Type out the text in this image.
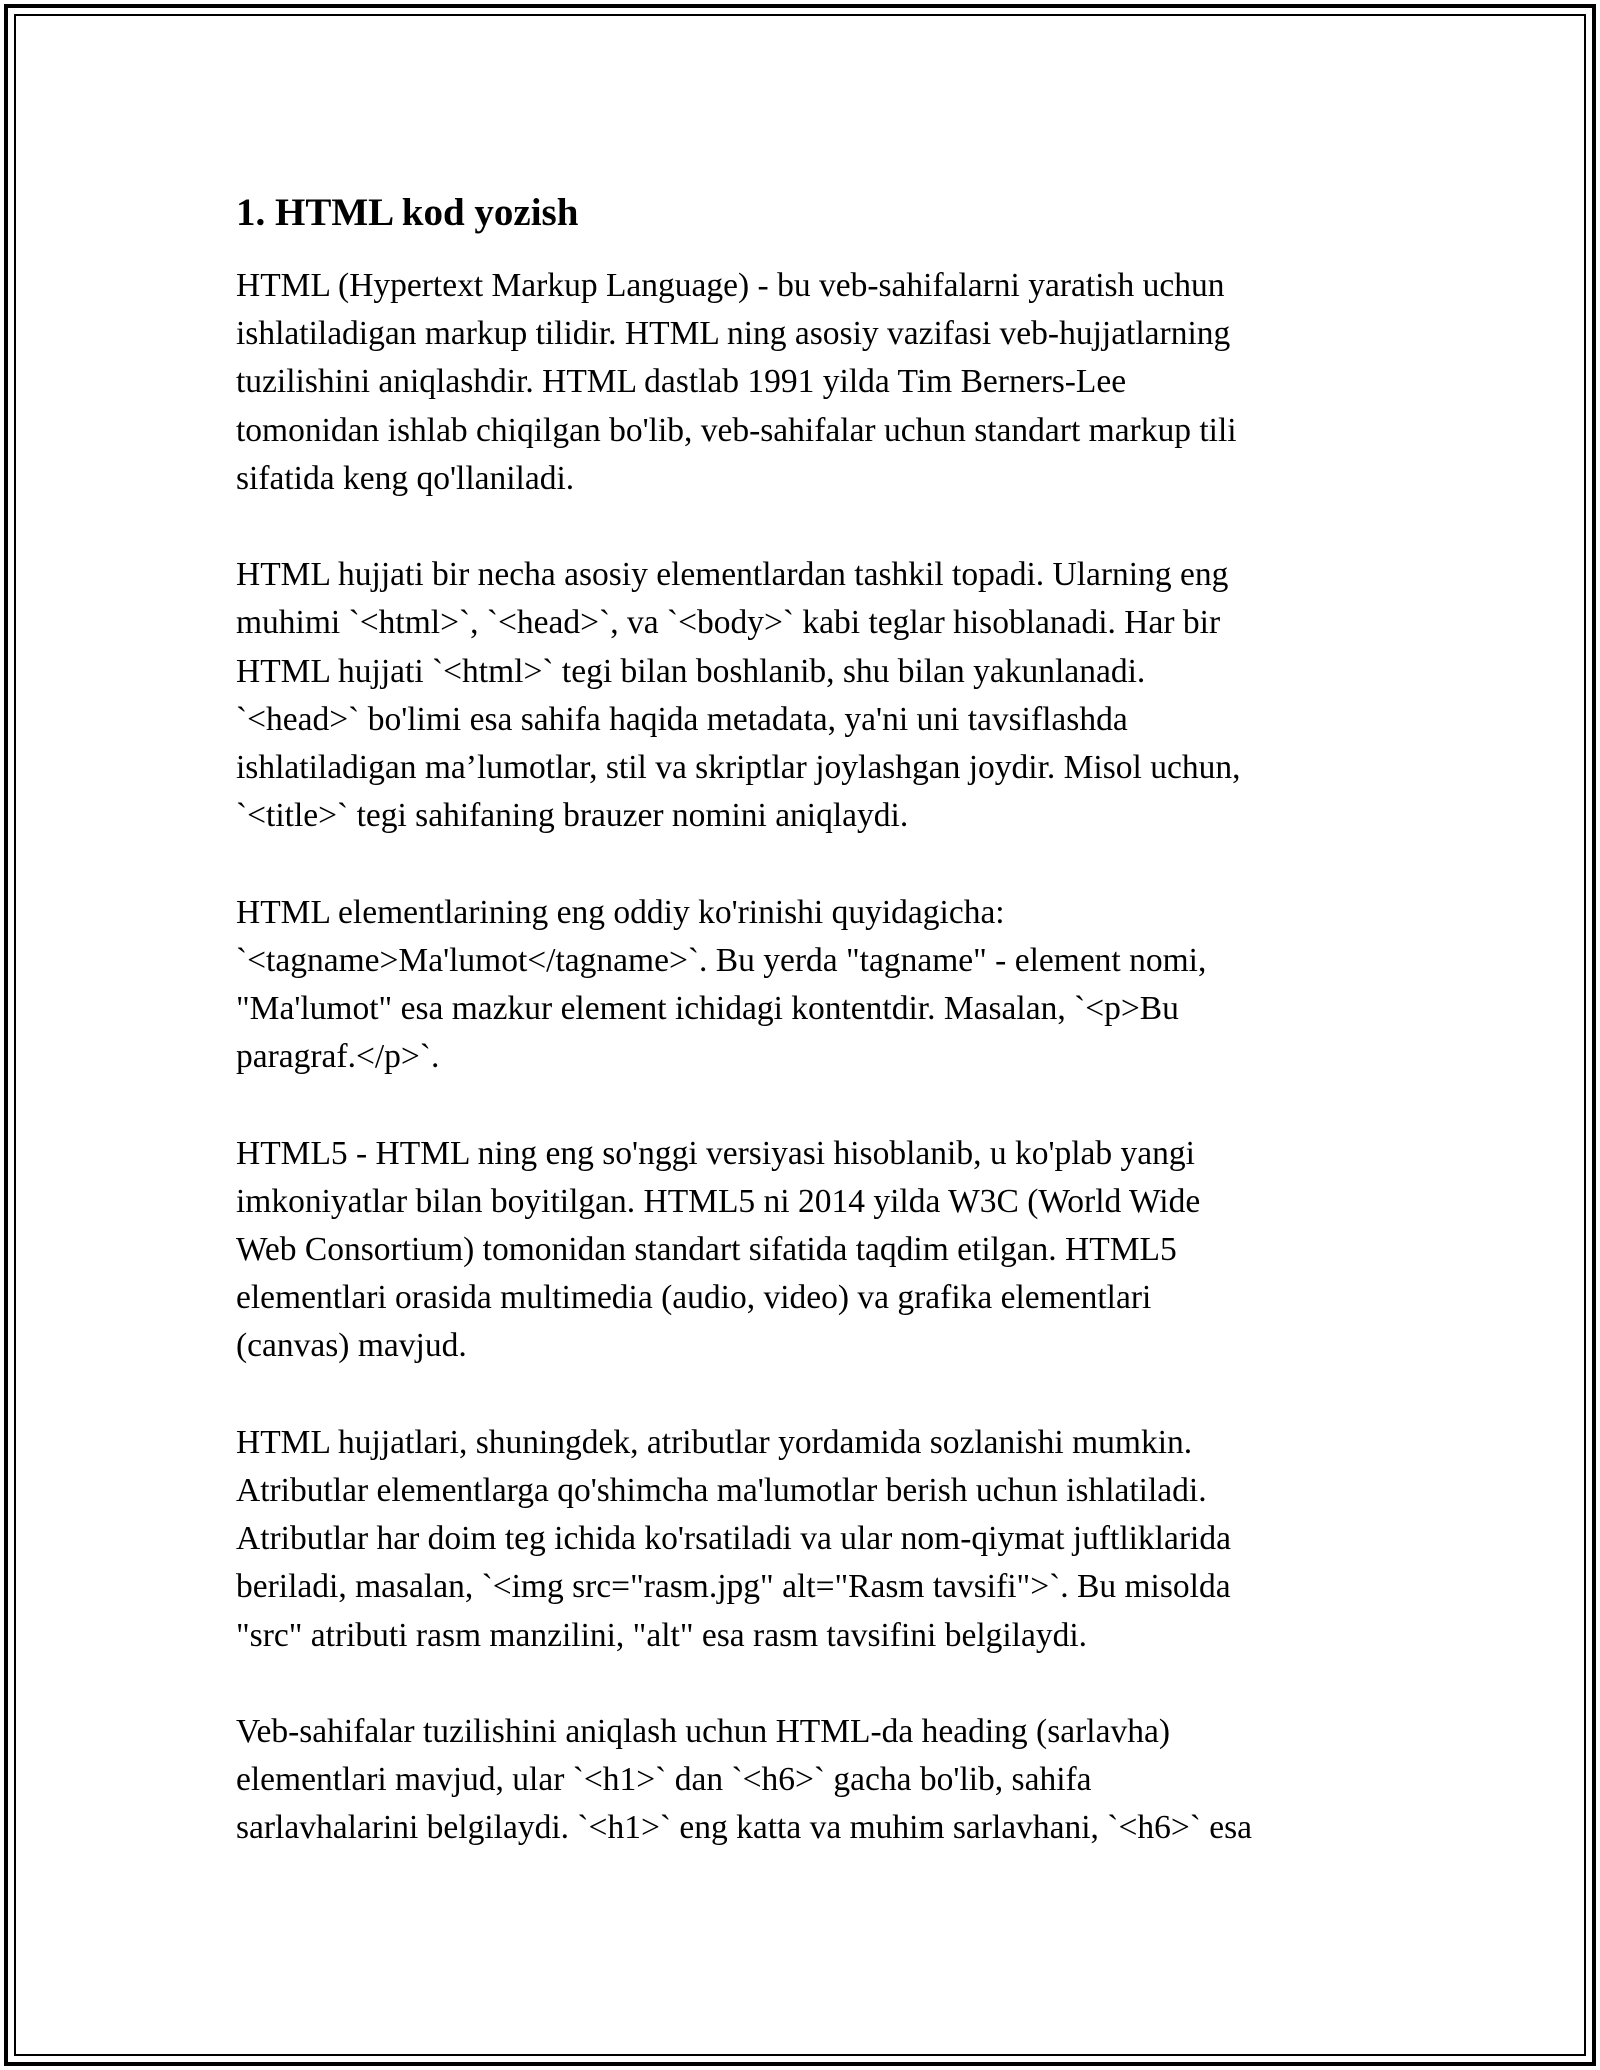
1. HTML kod yozish

HTML (Hypertext Markup Language) - bu veb-sahifalarni yaratish uchun
ishlatiladigan markup tilidir. HTML ning asosiy vazifasi veb-hujjatlarning
tuzilishini aniqlashdir. HTML dastlab 1991 yilda Tim Berners-Lee
tomonidan ishlab chiqilgan bo'lib, veb-sahifalar uchun standart markup tili
sifatida keng qo'llaniladi.

HTML hujjati bir necha asosiy elementlardan tashkil topadi. Ularning eng
muhimi `<html>`, `<head>`, va `<body>` kabi teglar hisoblanadi. Har bir
HTML hujjati `<html>` tegi bilan boshlanib, shu bilan yakunlanadi.
`<head>` bo'limi esa sahifa haqida metadata, ya'ni uni tavsiflashda
ishlatiladigan ma’lumotlar, stil va skriptlar joylashgan joydir. Misol uchun,
`<title>` tegi sahifaning brauzer nomini aniqlaydi.

HTML elementlarining eng oddiy ko'rinishi quyidagicha:
`<tagname>Ma'lumot</tagname>`. Bu yerda "tagname" - element nomi,
"Ma'lumot" esa mazkur element ichidagi kontentdir. Masalan, `<p>Bu
paragraf.</p>`.

HTML5 - HTML ning eng so'nggi versiyasi hisoblanib, u ko'plab yangi
imkoniyatlar bilan boyitilgan. HTML5 ni 2014 yilda W3C (World Wide
Web Consortium) tomonidan standart sifatida taqdim etilgan. HTML5
elementlari orasida multimedia (audio, video) va grafika elementlari
(canvas) mavjud.

HTML hujjatlari, shuningdek, atributlar yordamida sozlanishi mumkin.
Atributlar elementlarga qo'shimcha ma'lumotlar berish uchun ishlatiladi.
Atributlar har doim teg ichida ko'rsatiladi va ular nom-qiymat juftliklarida
beriladi, masalan, `<img src="rasm.jpg" alt="Rasm tavsifi">`. Bu misolda
"src" atributi rasm manzilini, "alt" esa rasm tavsifini belgilaydi.

Veb-sahifalar tuzilishini aniqlash uchun HTML-da heading (sarlavha)
elementlari mavjud, ular `<h1>` dan `<h6>` gacha bo'lib, sahifa
sarlavhalarini belgilaydi. `<h1>` eng katta va muhim sarlavhani, `<h6>` esa
